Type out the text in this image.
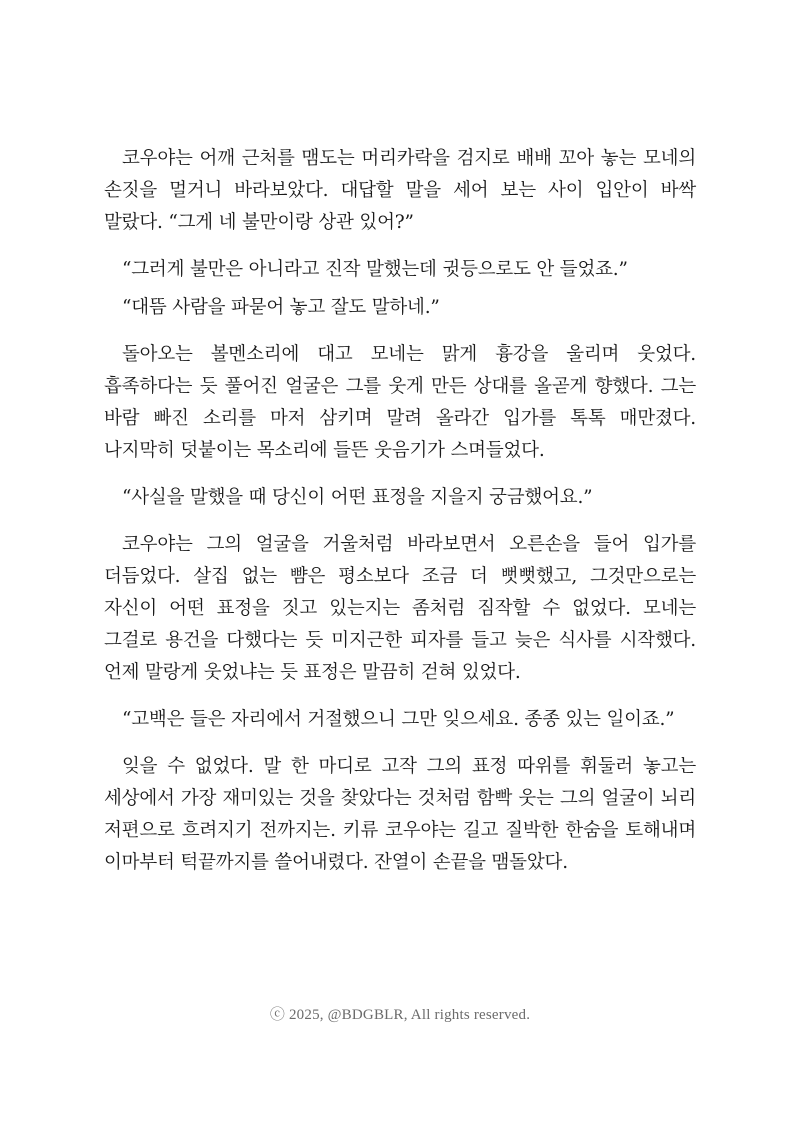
코우야는 어깨 근처를 맴도는 머리카락을 검지로 배배 꼬아 놓는 모네의 손짓을 멀거니 바라보았다. 대답할 말을 세어 보는 사이 입안이 바싹 말랐다. “그게 네 불만이랑 상관 있어?”

“그러게 불만은 아니라고 진작 말했는데 귓등으로도 안 들었죠.”

“대뜸 사람을 파묻어 놓고 잘도 말하네.”

돌아오는 볼멘소리에 대고 모네는 맑게 흉강을 울리며 웃었다. 흡족하다는 듯 풀어진 얼굴은 그를 웃게 만든 상대를 올곧게 향했다. 그는 바람 빠진 소리를 마저 삼키며 말려 올라간 입가를 톡톡 매만졌다. 나지막히 덧붙이는 목소리에 들뜬 웃음기가 스며들었다.

“사실을 말했을 때 당신이 어떤 표정을 지을지 궁금했어요.”

코우야는 그의 얼굴을 거울처럼 바라보면서 오른손을 들어 입가를 더듬었다. 살집 없는 뺨은 평소보다 조금 더 뻣뻣했고, 그것만으로는 자신이 어떤 표정을 짓고 있는지는 좀처럼 짐작할 수 없었다. 모네는 그걸로 용건을 다했다는 듯 미지근한 피자를 들고 늦은 식사를 시작했다. 언제 말랑게 웃었냐는 듯 표정은 말끔히 걷혀 있었다.

“고백은 들은 자리에서 거절했으니 그만 잊으세요. 종종 있는 일이죠.”

잊을 수 없었다. 말 한 마디로 고작 그의 표정 따위를 휘둘러 놓고는 세상에서 가장 재미있는 것을 찾았다는 것처럼 함빡 웃는 그의 얼굴이 뇌리 저편으로 흐려지기 전까지는. 키류 코우야는 길고 질박한 한숨을 토해내며 이마부터 턱끝까지를 쓸어내렸다. 잔열이 손끝을 맴돌았다.

ⓒ 2025, @BDGBLR, All rights reserved.
